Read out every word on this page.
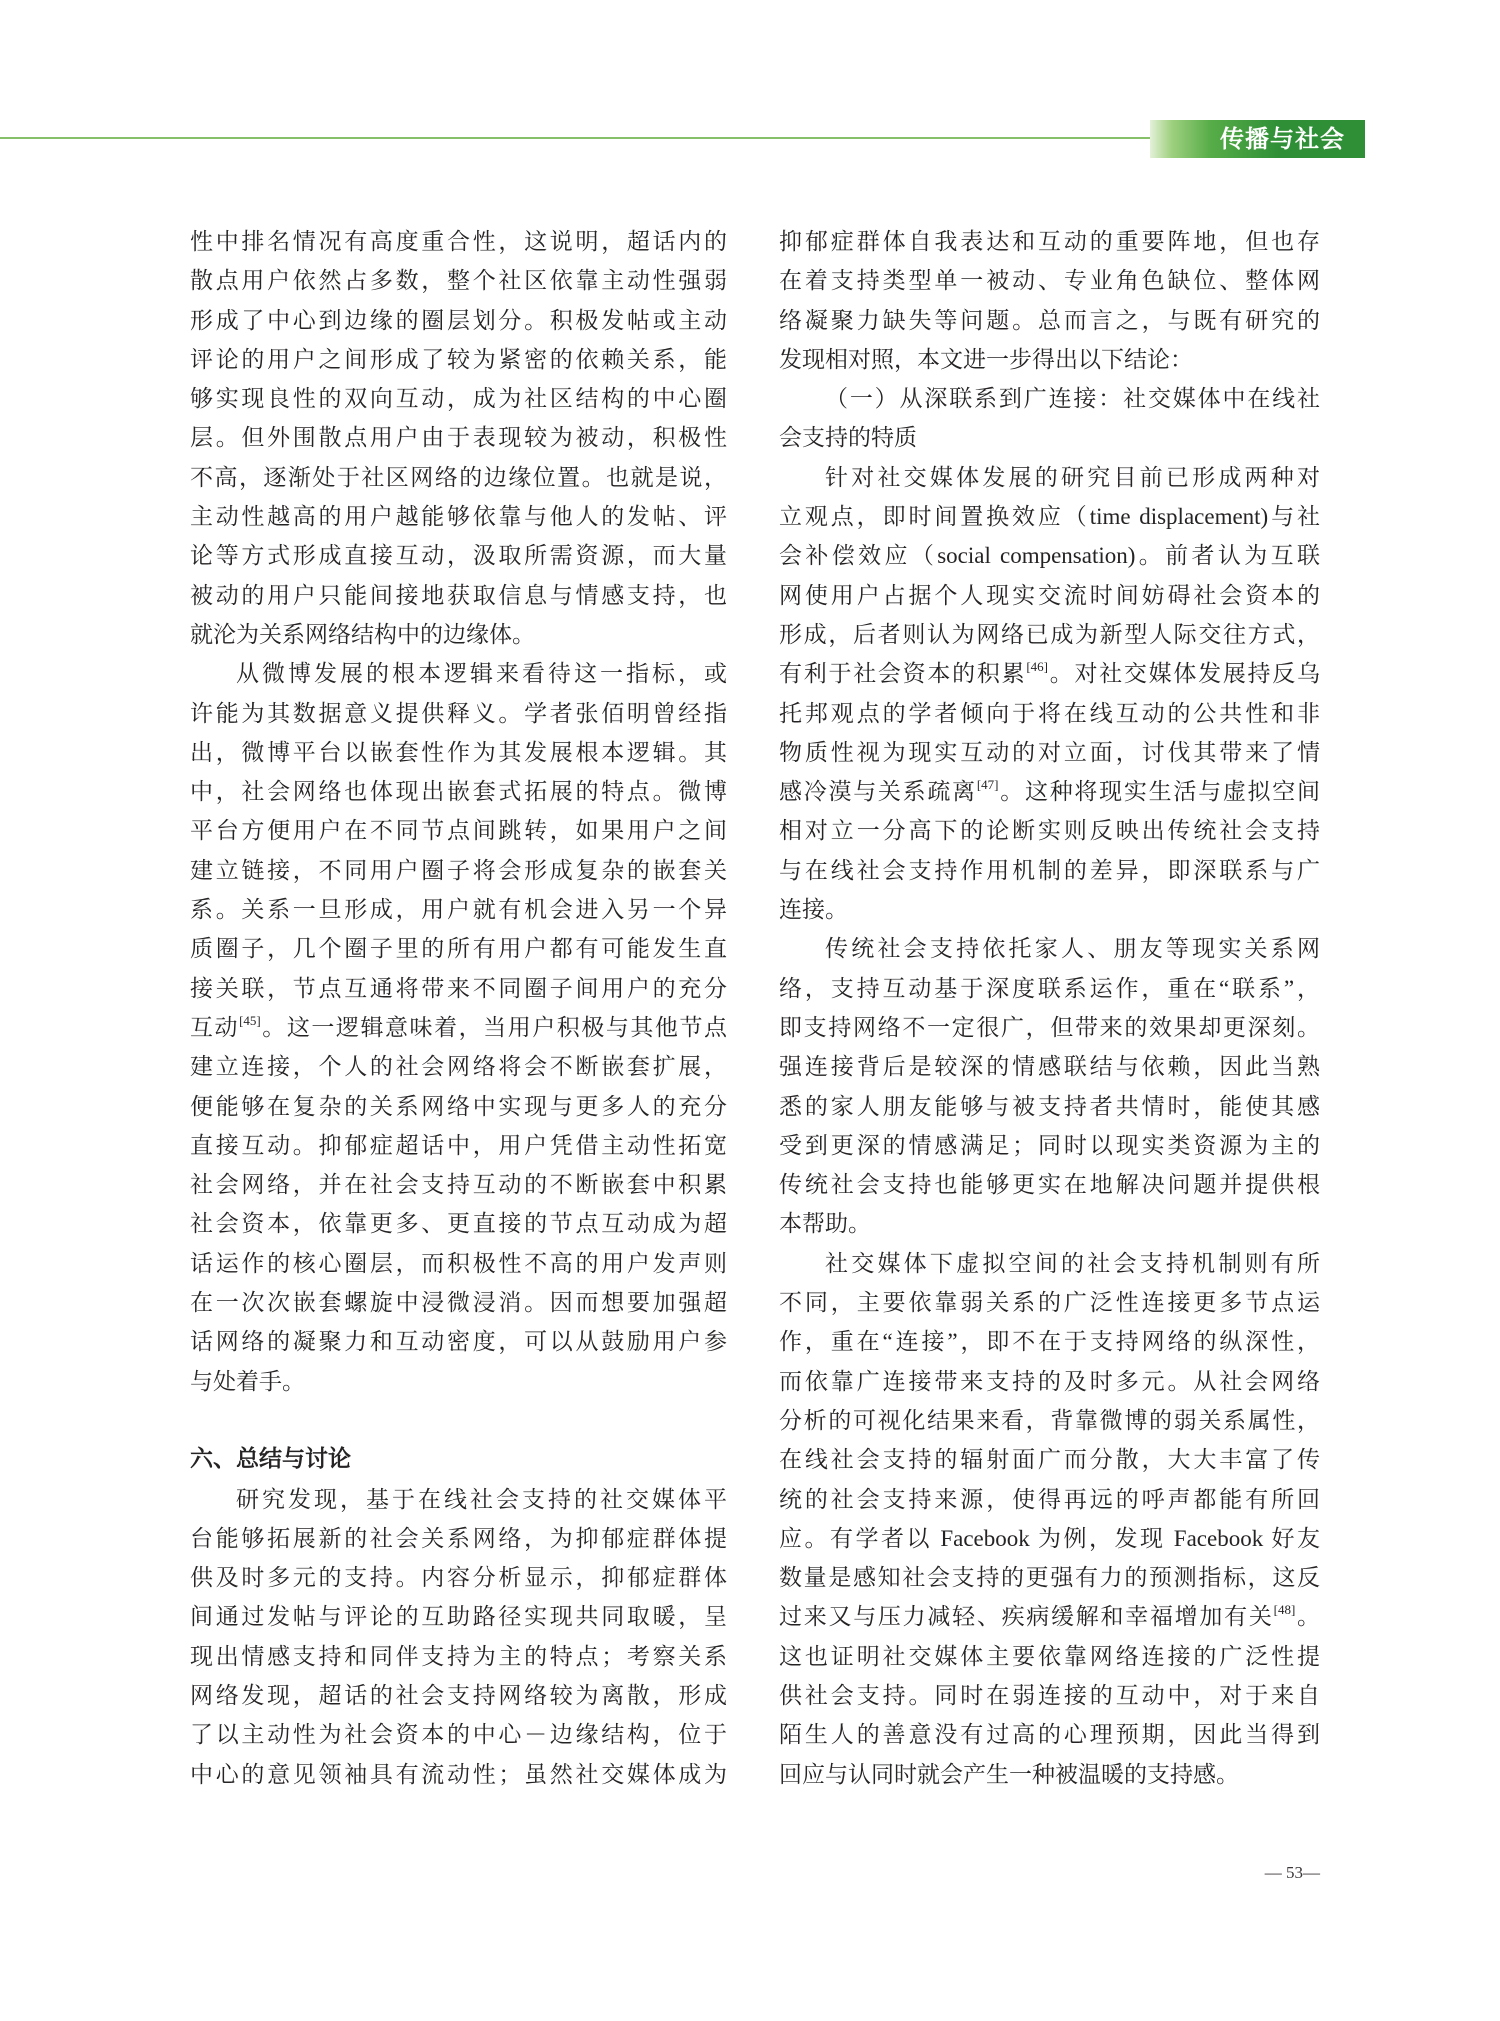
传播与社会
性中排名情况有高度重合性，这说明，超话内的
散点用户依然占多数，整个社区依靠主动性强弱
形成了中心到边缘的圈层划分。积极发帖或主动
评论的用户之间形成了较为紧密的依赖关系，能
够实现良性的双向互动，成为社区结构的中心圈
层。但外围散点用户由于表现较为被动，积极性
不高，逐渐处于社区网络的边缘位置。也就是说，
主动性越高的用户越能够依靠与他人的发帖、评
论等方式形成直接互动，汲取所需资源，而大量
被动的用户只能间接地获取信息与情感支持，也
就沦为关系网络结构中的边缘体。
从微博发展的根本逻辑来看待这一指标，或
许能为其数据意义提供释义。学者张佰明曾经指
出，微博平台以嵌套性作为其发展根本逻辑。其
中，社会网络也体现出嵌套式拓展的特点。微博
平台方便用户在不同节点间跳转，如果用户之间
建立链接，不同用户圈子将会形成复杂的嵌套关
系。关系一旦形成，用户就有机会进入另一个异
质圈子，几个圈子里的所有用户都有可能发生直
接关联，节点互通将带来不同圈子间用户的充分
互动[45]。这一逻辑意味着，当用户积极与其他节点
建立连接，个人的社会网络将会不断嵌套扩展，
便能够在复杂的关系网络中实现与更多人的充分
直接互动。抑郁症超话中，用户凭借主动性拓宽
社会网络，并在社会支持互动的不断嵌套中积累
社会资本，依靠更多、更直接的节点互动成为超
话运作的核心圈层，而积极性不高的用户发声则
在一次次嵌套螺旋中浸微浸消。因而想要加强超
话网络的凝聚力和互动密度，可以从鼓励用户参
与处着手。
六、总结与讨论
研究发现，基于在线社会支持的社交媒体平
台能够拓展新的社会关系网络，为抑郁症群体提
供及时多元的支持。内容分析显示，抑郁症群体
间通过发帖与评论的互助路径实现共同取暖，呈
现出情感支持和同伴支持为主的特点；考察关系
网络发现，超话的社会支持网络较为离散，形成
了以主动性为社会资本的中心－边缘结构，位于
中心的意见领袖具有流动性；虽然社交媒体成为
抑郁症群体自我表达和互动的重要阵地，但也存
在着支持类型单一被动、专业角色缺位、整体网
络凝聚力缺失等问题。总而言之，与既有研究的
发现相对照，本文进一步得出以下结论：
（一）从深联系到广连接：社交媒体中在线社
会支持的特质
针对社交媒体发展的研究目前已形成两种对
立观点，即时间置换效应（time displacement)与社
会补偿效应（social compensation)。前者认为互联
网使用户占据个人现实交流时间妨碍社会资本的
形成，后者则认为网络已成为新型人际交往方式，
有利于社会资本的积累[46]。对社交媒体发展持反乌
托邦观点的学者倾向于将在线互动的公共性和非
物质性视为现实互动的对立面，讨伐其带来了情
感冷漠与关系疏离[47]。这种将现实生活与虚拟空间
相对立一分高下的论断实则反映出传统社会支持
与在线社会支持作用机制的差异，即深联系与广
连接。
传统社会支持依托家人、朋友等现实关系网
络，支持互动基于深度联系运作，重在“联系”，
即支持网络不一定很广，但带来的效果却更深刻。
强连接背后是较深的情感联结与依赖，因此当熟
悉的家人朋友能够与被支持者共情时，能使其感
受到更深的情感满足；同时以现实类资源为主的
传统社会支持也能够更实在地解决问题并提供根
本帮助。
社交媒体下虚拟空间的社会支持机制则有所
不同，主要依靠弱关系的广泛性连接更多节点运
作，重在“连接”，即不在于支持网络的纵深性，
而依靠广连接带来支持的及时多元。从社会网络
分析的可视化结果来看，背靠微博的弱关系属性，
在线社会支持的辐射面广而分散，大大丰富了传
统的社会支持来源，使得再远的呼声都能有所回
应。有学者以 Facebook 为例，发现 Facebook 好友
数量是感知社会支持的更强有力的预测指标，这反
过来又与压力减轻、疾病缓解和幸福增加有关[48]。
这也证明社交媒体主要依靠网络连接的广泛性提
供社会支持。同时在弱连接的互动中，对于来自
陌生人的善意没有过高的心理预期，因此当得到
回应与认同时就会产生一种被温暖的支持感。
— 53—
